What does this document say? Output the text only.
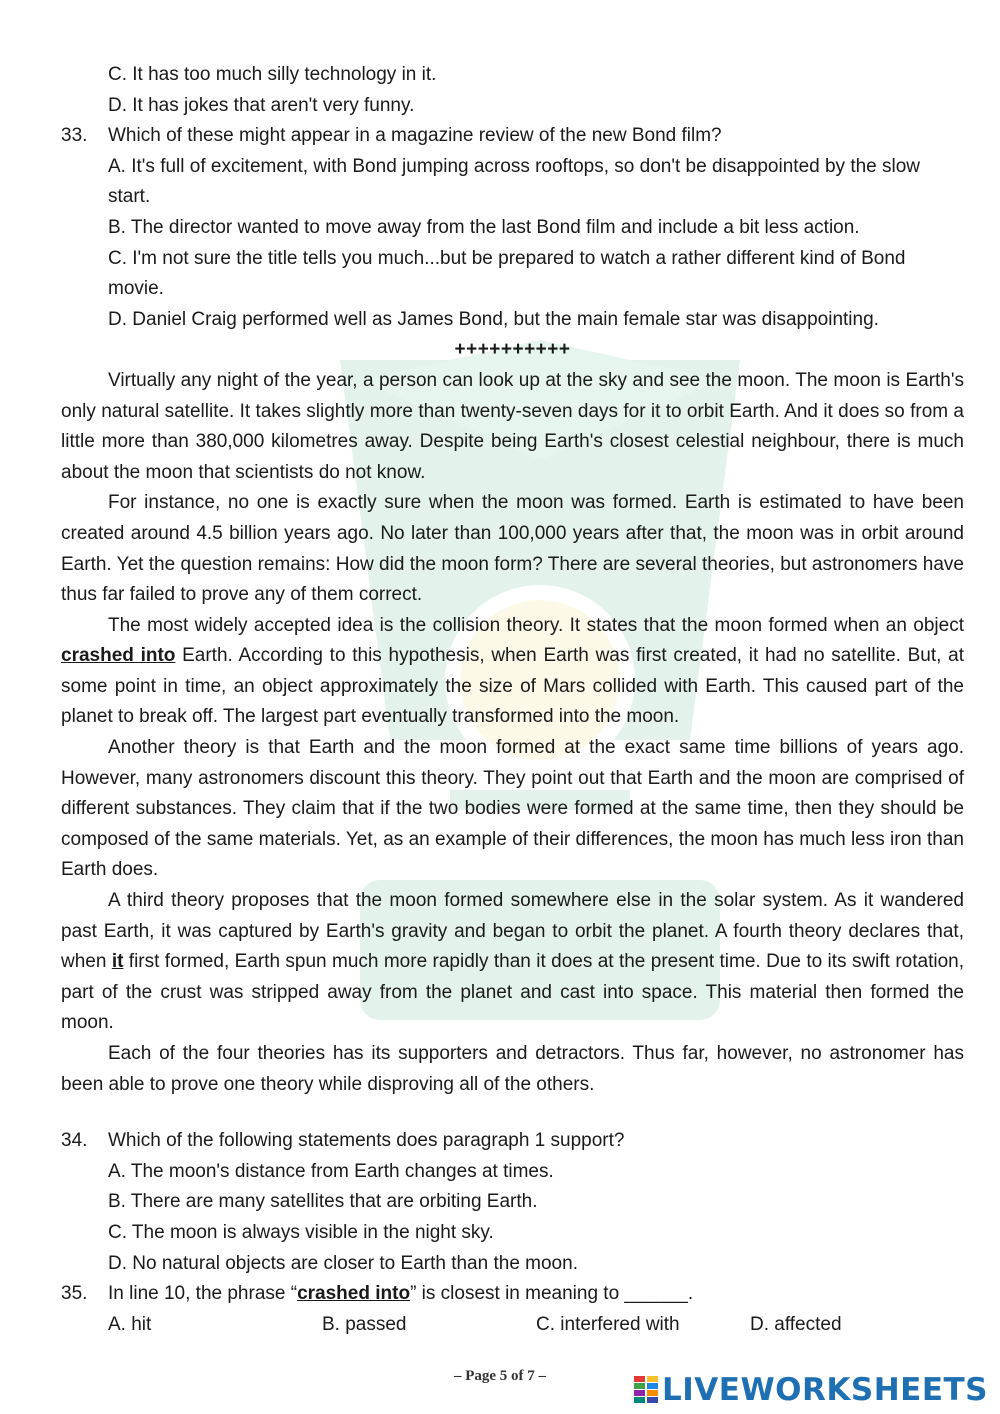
C. It has too much silly technology in it.
D. It has jokes that aren't very funny.
33.	Which of these might appear in a magazine review of the new Bond film?
A. It's full of excitement, with Bond jumping across rooftops, so don't be disappointed by the slow start.
B. The director wanted to move away from the last Bond film and include a bit less action.
C. I'm not sure the title tells you much...but be prepared to watch a rather different kind of Bond movie.
D. Daniel Craig performed well as James Bond, but the main female star was disappointing.
++++++++++

Virtually any night of the year, a person can look up at the sky and see the moon. The moon is Earth's only natural satellite. It takes slightly more than twenty-seven days for it to orbit Earth. And it does so from a little more than 380,000 kilometres away. Despite being Earth's closest celestial neighbour, there is much about the moon that scientists do not know.

For instance, no one is exactly sure when the moon was formed. Earth is estimated to have been created around 4.5 billion years ago. No later than 100,000 years after that, the moon was in orbit around Earth. Yet the question remains: How did the moon form? There are several theories, but astronomers have thus far failed to prove any of them correct.

The most widely accepted idea is the collision theory. It states that the moon formed when an object crashed into Earth. According to this hypothesis, when Earth was first created, it had no satellite. But, at some point in time, an object approximately the size of Mars collided with Earth. This caused part of the planet to break off. The largest part eventually transformed into the moon.

Another theory is that Earth and the moon formed at the exact same time billions of years ago. However, many astronomers discount this theory. They point out that Earth and the moon are comprised of different substances. They claim that if the two bodies were formed at the same time, then they should be composed of the same materials. Yet, as an example of their differences, the moon has much less iron than Earth does.

A third theory proposes that the moon formed somewhere else in the solar system. As it wandered past Earth, it was captured by Earth's gravity and began to orbit the planet. A fourth theory declares that, when it first formed, Earth spun much more rapidly than it does at the present time. Due to its swift rotation, part of the crust was stripped away from the planet and cast into space. This material then formed the moon.

Each of the four theories has its supporters and detractors. Thus far, however, no astronomer has been able to prove one theory while disproving all of the others.

34.	Which of the following statements does paragraph 1 support?
A. The moon's distance from Earth changes at times.
B. There are many satellites that are orbiting Earth.
C. The moon is always visible in the night sky.
D. No natural objects are closer to Earth than the moon.
35.	In line 10, the phrase “crashed into” is closest in meaning to ______.
A. hit	B. passed	C. interfered with	D. affected
– Page 5 of 7 –	LIVEWORKSHEETS
